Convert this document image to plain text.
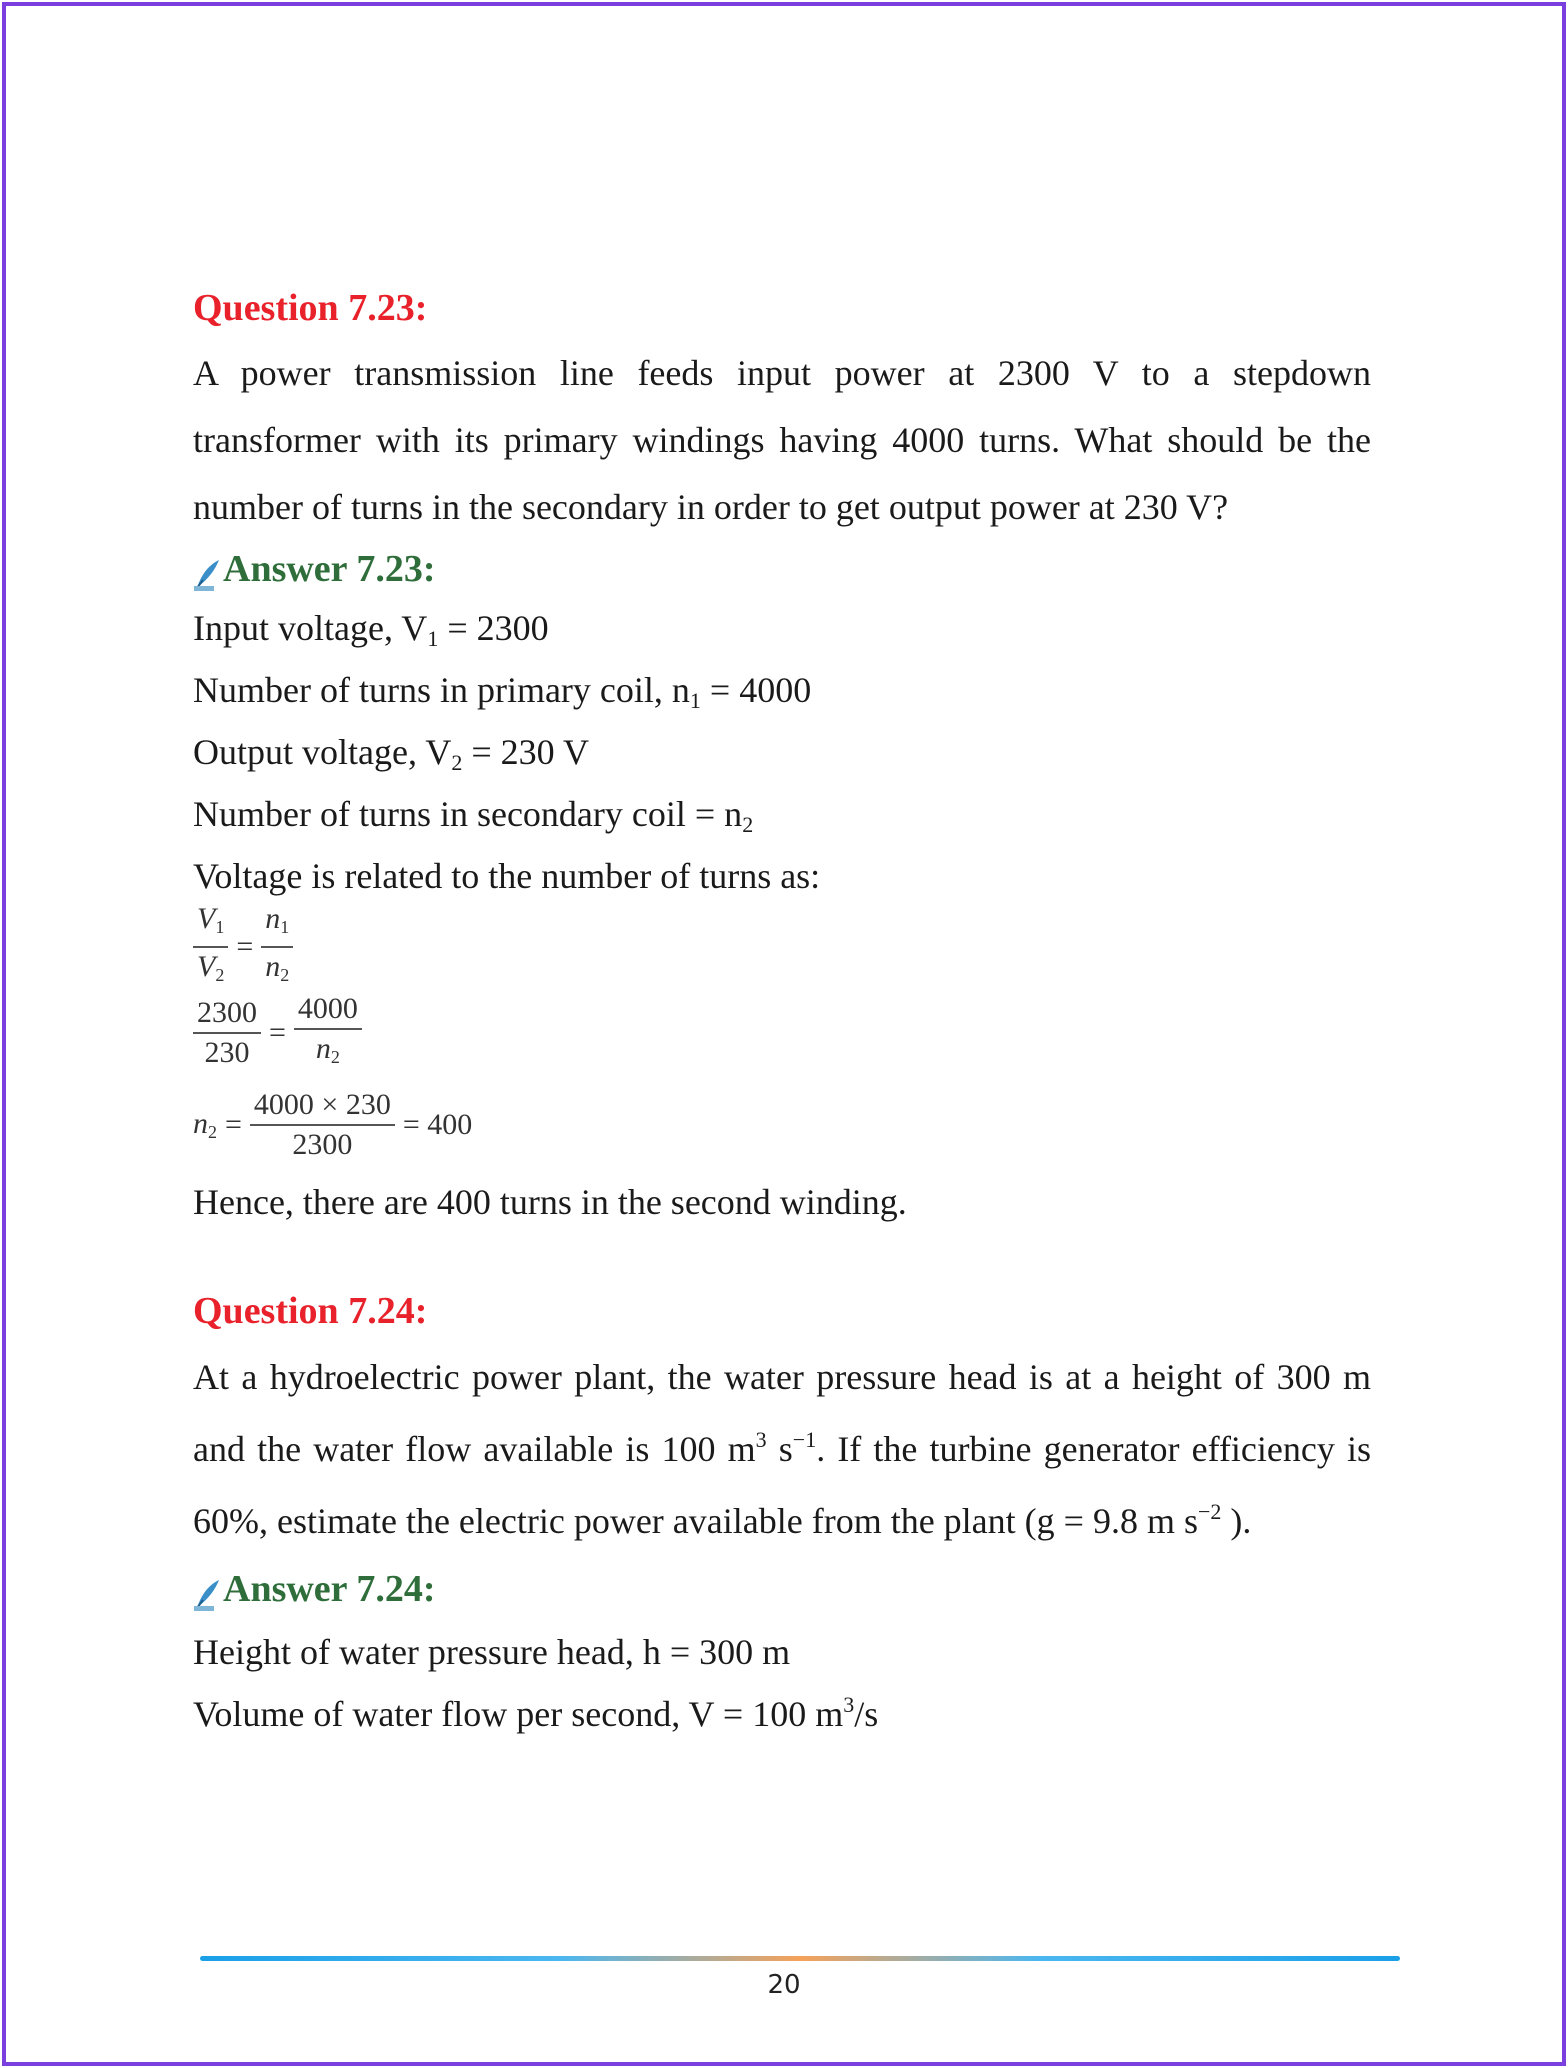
Question 7.23:

A power transmission line feeds input power at 2300 V to a stepdown transformer with its primary windings having 4000 turns. What should be the number of turns in the secondary in order to get output power at 230 V?

Answer 7.23:

Input voltage, $V_1 = 2300$

Number of turns in primary coil, $n_1 = 4000$

Output voltage, $V_2 = 230$ V

Number of turns in secondary coil = $n_2$

Voltage is related to the number of turns as:

$\frac{V1}{V2} = \frac{n1}{n2}$
$\frac{2300}{230} = \frac{4000}{n2}$
$n2 = \frac{4000 \times 230}{2300} = 400$

Hence, there are 400 turns in the second winding.

Question 7.24:

At a hydroelectric power plant, the water pressure head is at a height of 300 m and the water flow available is 100 $m^3$ $s^{-1}$. If the turbine generator efficiency is 60%, estimate the electric power available from the plant (g = 9.8 m $s^{-2}$ ).

Answer 7.24:

Height of water pressure head, h = 300 m

Volume of water flow per second, V = 100 $m^3/s$

20
